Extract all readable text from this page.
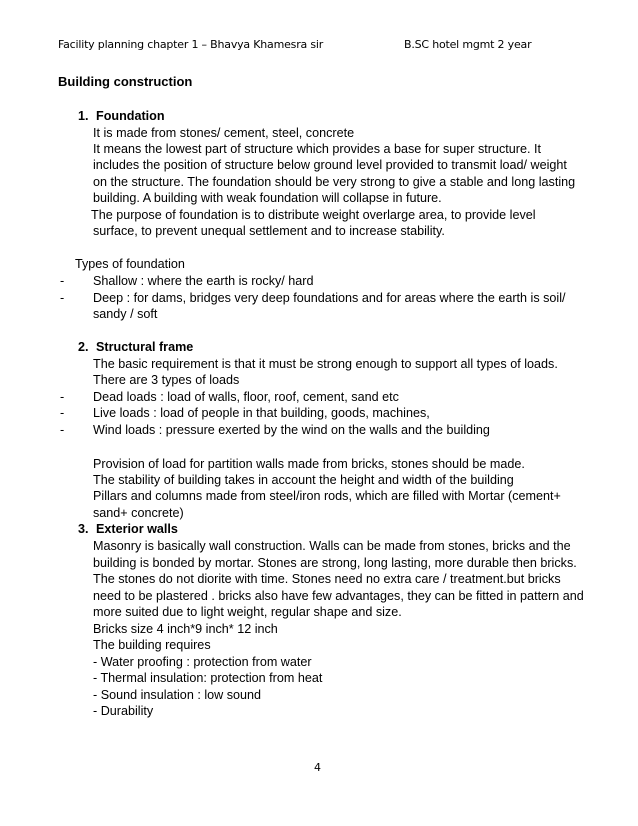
Facility planning chapter 1 – Bhavya Khamesra sir	B.SC hotel mgmt 2 year
Building construction
1. Foundation
It is made from stones/ cement, steel, concrete
It means the lowest part of structure which provides a base for super structure. It
includes the position of structure below ground level provided to transmit load/ weight
on the structure. The foundation should be very strong to give a stable and long lasting
building. A building with weak foundation will collapse in future.
The purpose of foundation is to distribute weight overlarge area, to provide level
surface, to prevent unequal settlement and to increase stability.
Types of foundation
- Shallow : where the earth is rocky/ hard
- Deep : for dams, bridges very deep foundations and for areas where the earth is soil/
sandy / soft
2. Structural frame
The basic requirement is that it must be strong enough to support all types of loads.
There are 3 types of loads
- Dead loads : load of walls, floor, roof, cement, sand etc
- Live loads : load of people in that building, goods, machines,
- Wind loads : pressure exerted by the wind on the walls and the building
Provision of load for partition walls made from bricks, stones should be made.
The stability of building takes in account the height and width of the building
Pillars and columns made from steel/iron rods, which are filled with Mortar (cement+
sand+ concrete)
3. Exterior walls
Masonry is basically wall construction. Walls can be made from stones, bricks and the
building is bonded by mortar. Stones are strong, long lasting, more durable then bricks.
The stones do not diorite with time. Stones need no extra care / treatment.but bricks
need to be plastered . bricks also have few advantages, they can be fitted in pattern and
more suited due to light weight, regular shape and size.
Bricks size 4 inch*9 inch* 12 inch
The building requires
- Water proofing : protection from water
- Thermal insulation: protection from heat
- Sound insulation : low sound
- Durability
4
